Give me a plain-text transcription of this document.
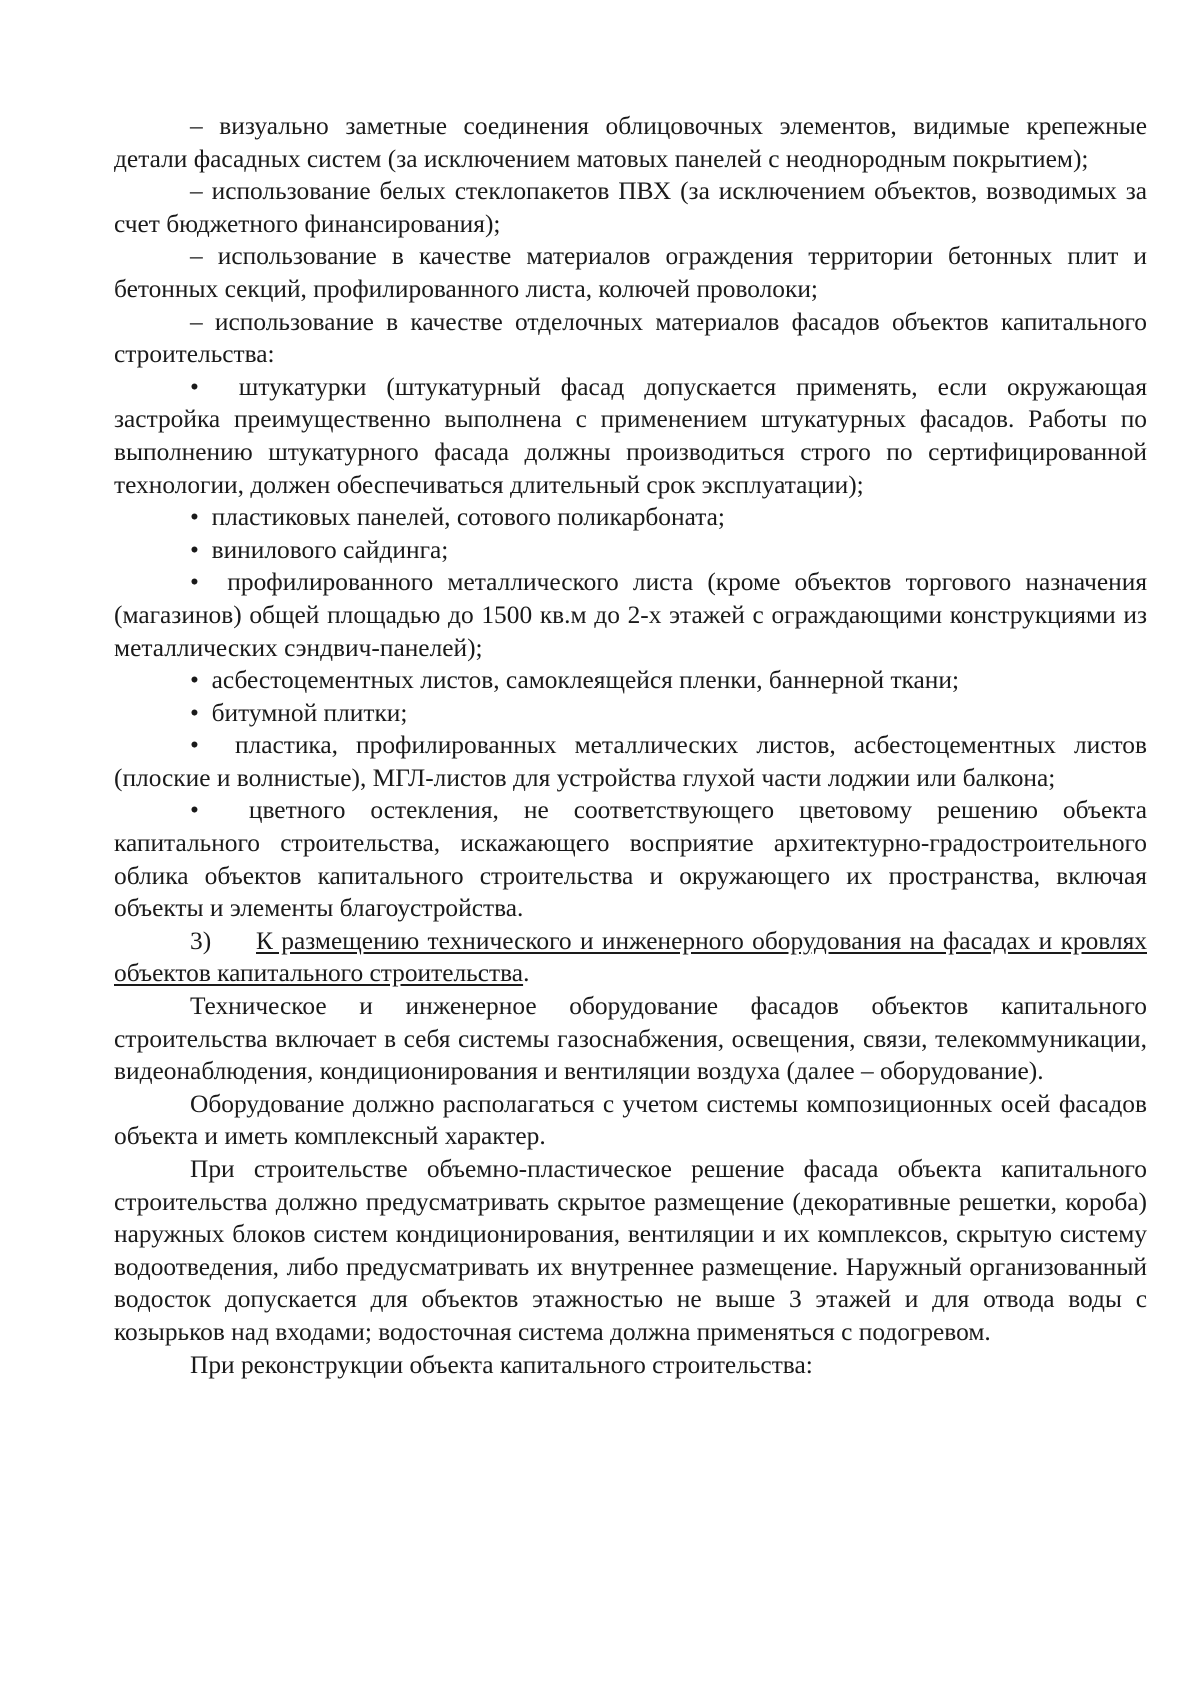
– визуально заметные соединения облицовочных элементов, видимые крепежные детали фасадных систем (за исключением матовых панелей с неоднородным покрытием);

– использование белых стеклопакетов ПВХ (за исключением объектов, возводимых за счет бюджетного финансирования);

– использование в качестве материалов ограждения территории бетонных плит и бетонных секций, профилированного листа, колючей проволоки;

– использование в качестве отделочных материалов фасадов объектов капитального строительства:

•  штукатурки (штукатурный фасад допускается применять, если окружающая застройка преимущественно выполнена с применением штукатурных фасадов. Работы по выполнению штукатурного фасада должны производиться строго по сертифицированной технологии, должен обеспечиваться длительный срок эксплуатации);

•  пластиковых панелей, сотового поликарбоната;

•  винилового сайдинга;

•  профилированного металлического листа (кроме объектов торгового назначения (магазинов) общей площадью до 1500 кв.м до 2-х этажей с ограждающими конструкциями из металлических сэндвич-панелей);

•  асбестоцементных листов, самоклеящейся пленки, баннерной ткани;

•  битумной плитки;

•  пластика, профилированных металлических листов, асбестоцементных листов (плоские и волнистые), МГЛ-листов для устройства глухой части лоджии или балкона;

•  цветного остекления, не соответствующего цветовому решению объекта капитального строительства, искажающего восприятие архитектурно-градостроительного облика объектов капитального строительства и окружающего их пространства, включая объекты и элементы благоустройства.

3) К размещению технического и инженерного оборудования на фасадах и кровлях объектов капитального строительства.

Техническое и инженерное оборудование фасадов объектов капитального строительства включает в себя системы газоснабжения, освещения, связи, телекоммуникации, видеонаблюдения, кондиционирования и вентиляции воздуха (далее – оборудование).

Оборудование должно располагаться с учетом системы композиционных осей фасадов объекта и иметь комплексный характер.

При строительстве объемно-пластическое решение фасада объекта капитального строительства должно предусматривать скрытое размещение (декоративные решетки, короба) наружных блоков систем кондиционирования, вентиляции и их комплексов, скрытую систему водоотведения, либо предусматривать их внутреннее размещение. Наружный организованный водосток допускается для объектов этажностью не выше 3 этажей и для отвода воды с козырьков над входами; водосточная система должна применяться с подогревом.

При реконструкции объекта капитального строительства:
